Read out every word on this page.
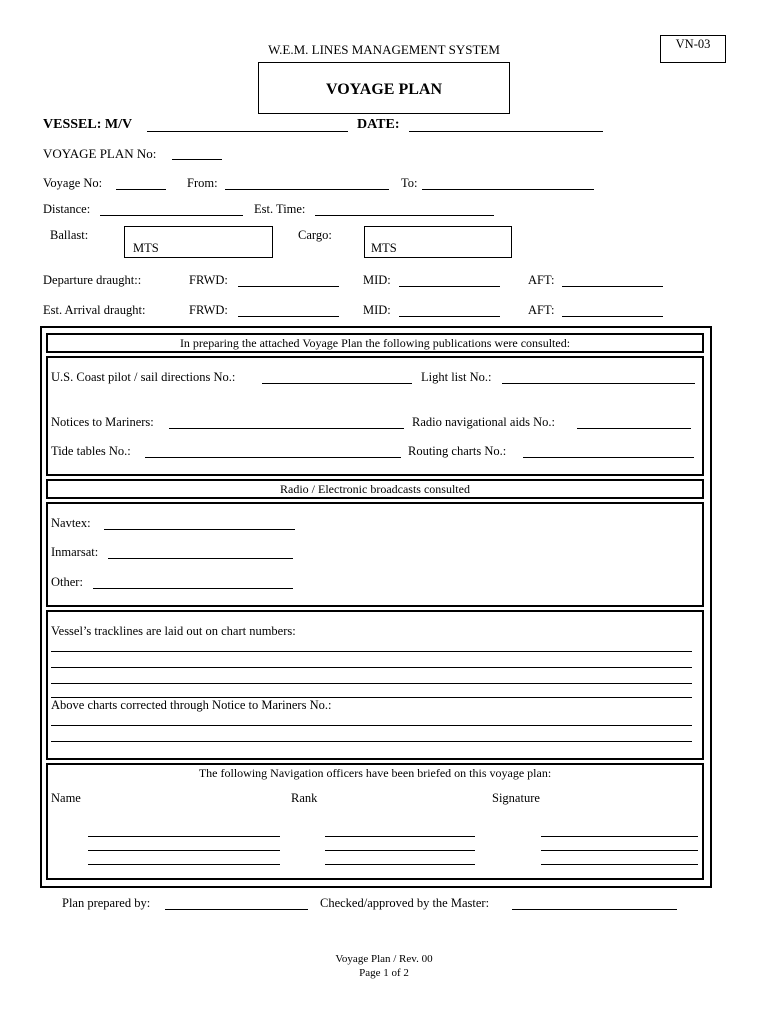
VN-03
W.E.M. LINES MANAGEMENT SYSTEM
VOYAGE PLAN
VESSEL: M/V	DATE:
VOYAGE PLAN No:
Voyage No:	From:	To:
Distance:	Est. Time:
Ballast:
MTS
Cargo:
MTS
Departure draught::	FRWD:	MID:	AFT:
Est. Arrival draught:	FRWD:	MID:	AFT:
In preparing the attached Voyage Plan the following publications were consulted:
U.S. Coast pilot / sail directions No.:	Light list No.:
Notices to Mariners:	Radio navigational aids No.:
Tide tables No.:	Routing charts No.:
Radio / Electronic broadcasts consulted
Navtex:
Inmarsat:
Other:
Vessel’s tracklines are laid out on chart numbers:
Above charts corrected through Notice to Mariners No.:
The following Navigation officers have been briefed on this voyage plan:
Name	Rank	Signature
Plan prepared by:	Checked/approved by the Master:
Voyage Plan / Rev. 00
Page 1 of 2
